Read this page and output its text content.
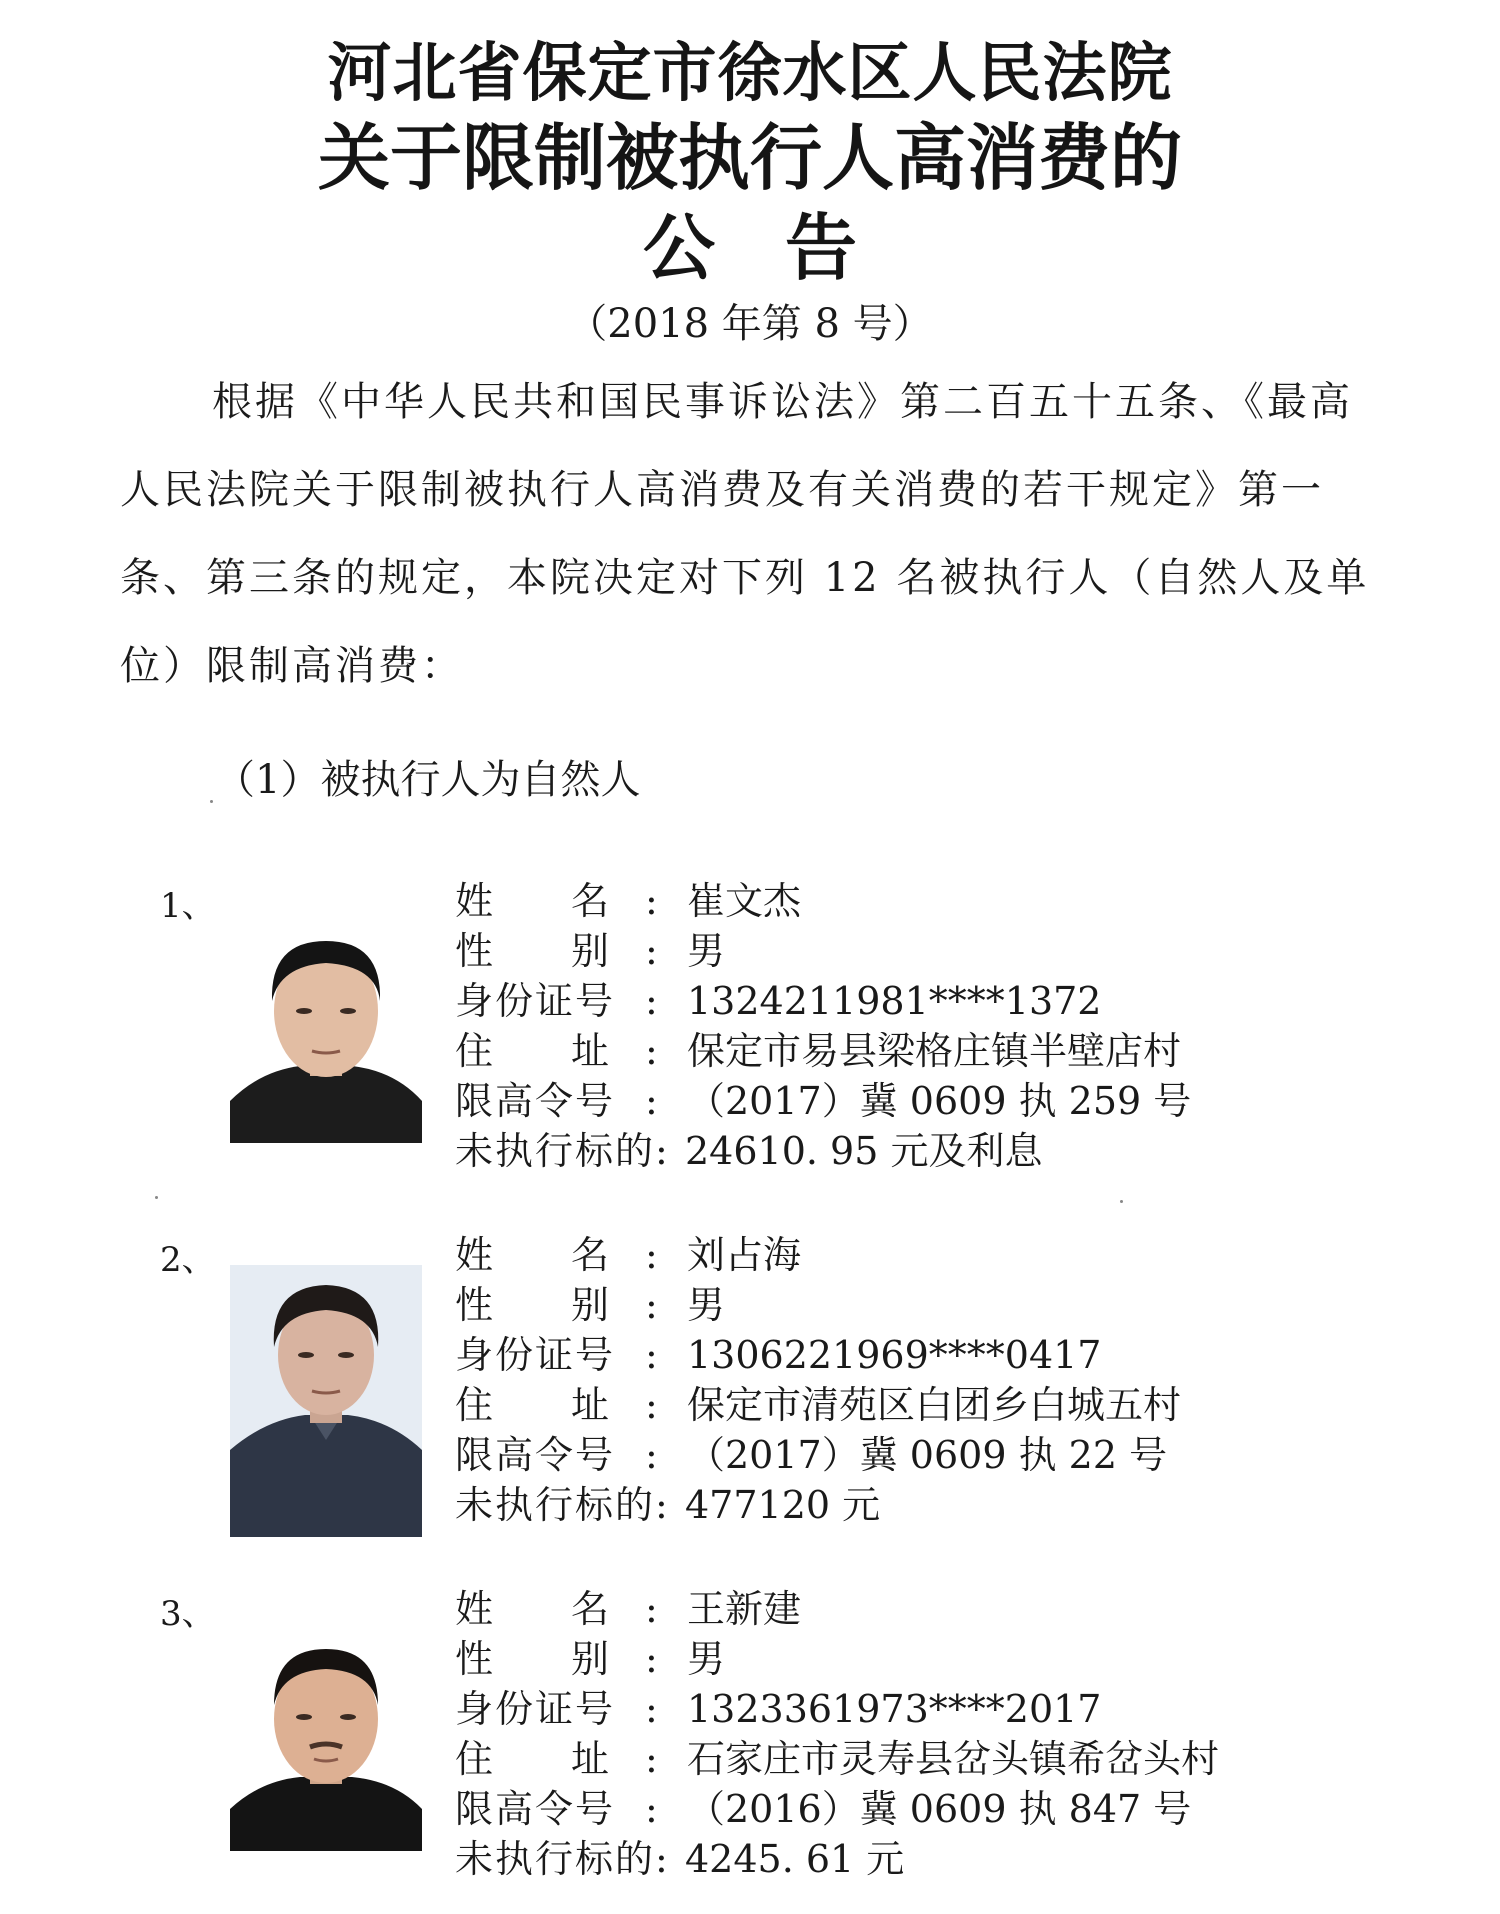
河北省保定市徐水区人民法院
关于限制被执行人高消费的
公告
（2018 年第 8 号）
根据《中华人民共和国民事诉讼法》第二百五十五条、《最高
人民法院关于限制被执行人高消费及有关消费的若干规定》第一
条、第三条的规定，本院决定对下列 12 名被执行人（自然人及单
位）限制高消费：
（1）被执行人为自然人
1、	姓 名 : 崔文杰
性 别 : 男
身份证号 : 1324211981****1372
住 址 : 保定市易县梁格庄镇半壁店村
限高令号 : （2017）冀 0609 执 259 号
未执行标的: 24610. 95 元及利息
2、	姓 名 : 刘占海
性 别 : 男
身份证号 : 1306221969****0417
住 址 : 保定市清苑区白团乡白城五村
限高令号 : （2017）冀 0609 执 22 号
未执行标的: 477120 元
3、	姓 名 : 王新建
性 别 : 男
身份证号 : 1323361973****2017
住 址 : 石家庄市灵寿县岔头镇希岔头村
限高令号 : （2016）冀 0609 执 847 号
未执行标的: 4245. 61 元
